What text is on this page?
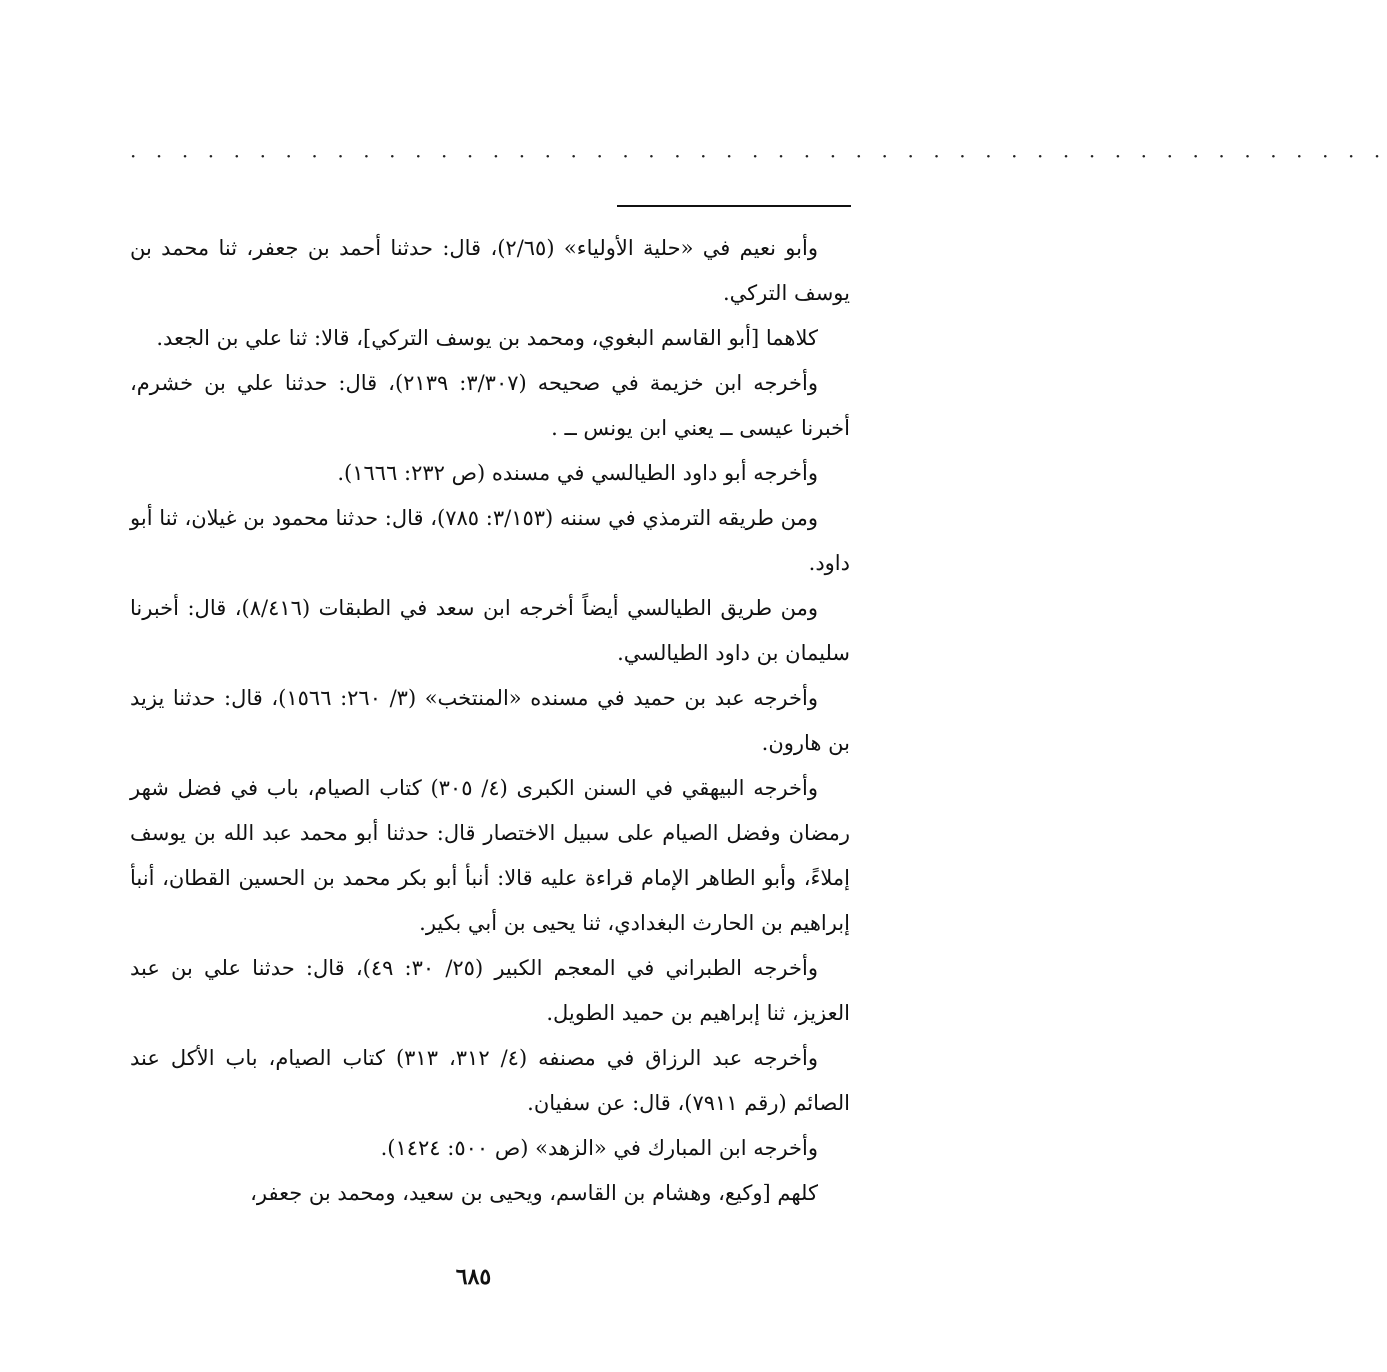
· · · · · · · · · · · · · · · · · · · · · · · · · · · · · · · · · · · · · · · · · · · · · · · · ·

وأبو نعيم في «حلية الأولياء» (٢/٦٥)، قال: حدثنا أحمد بن جعفر، ثنا محمد بن يوسف التركي.

كلاهما [أبو القاسم البغوي، ومحمد بن يوسف التركي]، قالا: ثنا علي بن الجعد.

وأخرجه ابن خزيمة في صحيحه (٣/٣٠٧: ٢١٣٩)، قال: حدثنا علي بن خشرم، أخبرنا عيسى ــ يعني ابن يونس ــ .

وأخرجه أبو داود الطيالسي في مسنده (ص ٢٣٢: ١٦٦٦).

ومن طريقه الترمذي في سننه (٣/١٥٣: ٧٨٥)، قال: حدثنا محمود بن غيلان، ثنا أبو داود.

ومن طريق الطيالسي أيضاً أخرجه ابن سعد في الطبقات (٨/٤١٦)، قال: أخبرنا سليمان بن داود الطيالسي.

وأخرجه عبد بن حميد في مسنده «المنتخب» (٣/ ٢٦٠: ١٥٦٦)، قال: حدثنا يزيد بن هارون.

وأخرجه البيهقي في السنن الكبرى (٤/ ٣٠٥) كتاب الصيام، باب في فضل شهر رمضان وفضل الصيام على سبيل الاختصار قال: حدثنا أبو محمد عبد الله بن يوسف إملاءً، وأبو الطاهر الإمام قراءة عليه قالا: أنبأ أبو بكر محمد بن الحسين القطان، أنبأ إبراهيم بن الحارث البغدادي، ثنا يحيى بن أبي بكير.

وأخرجه الطبراني في المعجم الكبير (٢٥/ ٣٠: ٤٩)، قال: حدثنا علي بن عبد العزيز، ثنا إبراهيم بن حميد الطويل.

وأخرجه عبد الرزاق في مصنفه (٤/ ٣١٢، ٣١٣) كتاب الصيام، باب الأكل عند الصائم (رقم ٧٩١١)، قال: عن سفيان.

وأخرجه ابن المبارك في «الزهد» (ص ٥٠٠: ١٤٢٤).

كلهم [وكيع، وهشام بن القاسم، ويحيى بن سعيد، ومحمد بن جعفر،

٦٨٥
